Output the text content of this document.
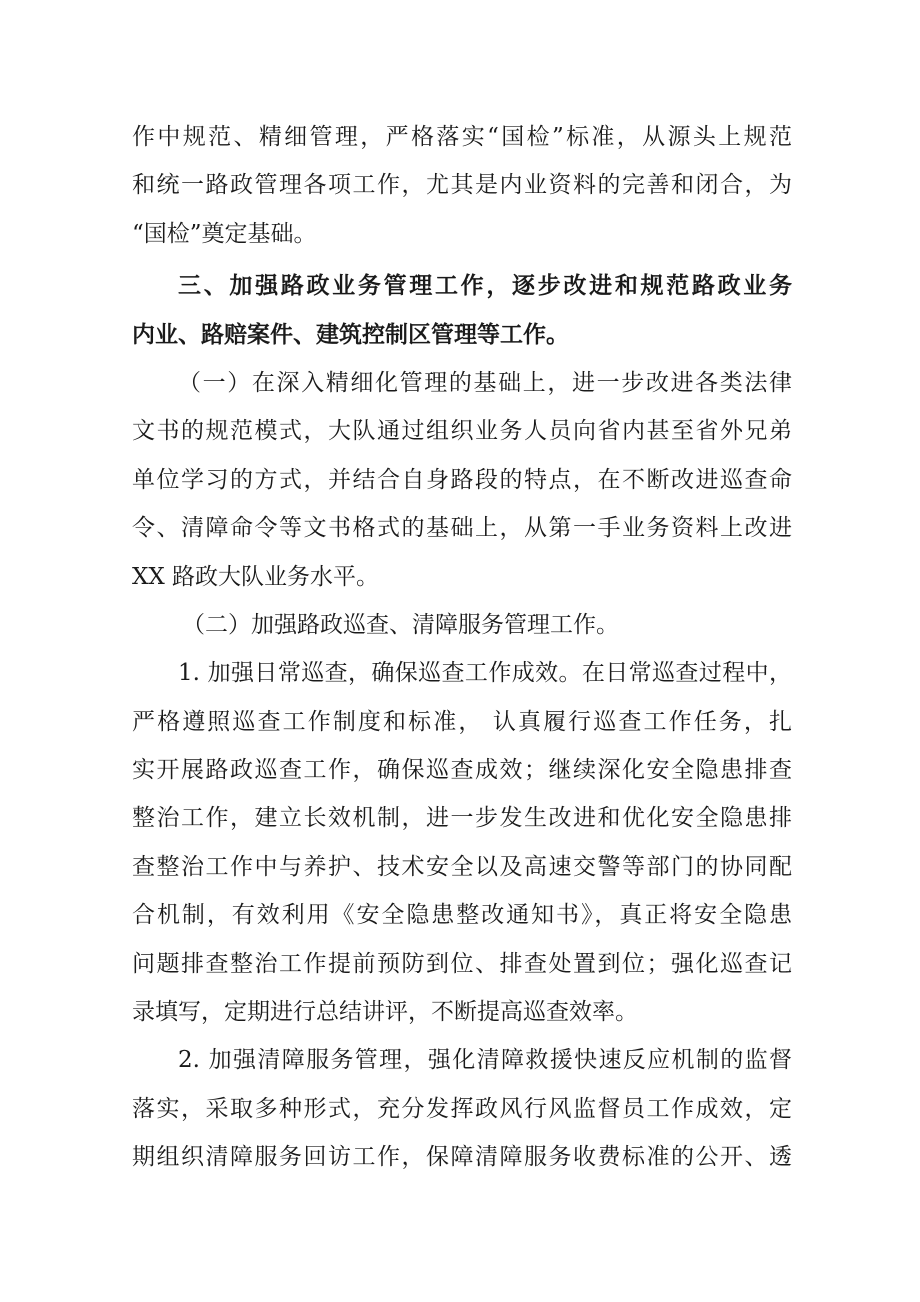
作中规范、精细管理，严格落实“国检”标准，从源头上规范
和统一路政管理各项工作，尤其是内业资料的完善和闭合，为
“国检”奠定基础。
三、加强路政业务管理工作，逐步改进和规范路政业务
内业、路赔案件、建筑控制区管理等工作。
（一）在深入精细化管理的基础上，进一步改进各类法律
文书的规范模式，大队通过组织业务人员向省内甚至省外兄弟
单位学习的方式，并结合自身路段的特点，在不断改进巡查命
令、清障命令等文书格式的基础上，从第一手业务资料上改进
XX 路政大队业务水平。
（二）加强路政巡查、清障服务管理工作。
1. 加强日常巡查，确保巡查工作成效。在日常巡查过程中，
严格遵照巡查工作制度和标准， 认真履行巡查工作任务，扎
实开展路政巡查工作，确保巡查成效；继续深化安全隐患排查
整治工作，建立长效机制，进一步发生改进和优化安全隐患排
查整治工作中与养护、技术安全以及高速交警等部门的协同配
合机制，有效利用《安全隐患整改通知书》，真正将安全隐患
问题排查整治工作提前预防到位、排查处置到位；强化巡查记
录填写，定期进行总结讲评，不断提高巡查效率。
2. 加强清障服务管理，强化清障救援快速反应机制的监督
落实，采取多种形式，充分发挥政风行风监督员工作成效，定
期组织清障服务回访工作，保障清障服务收费标准的公开、透
